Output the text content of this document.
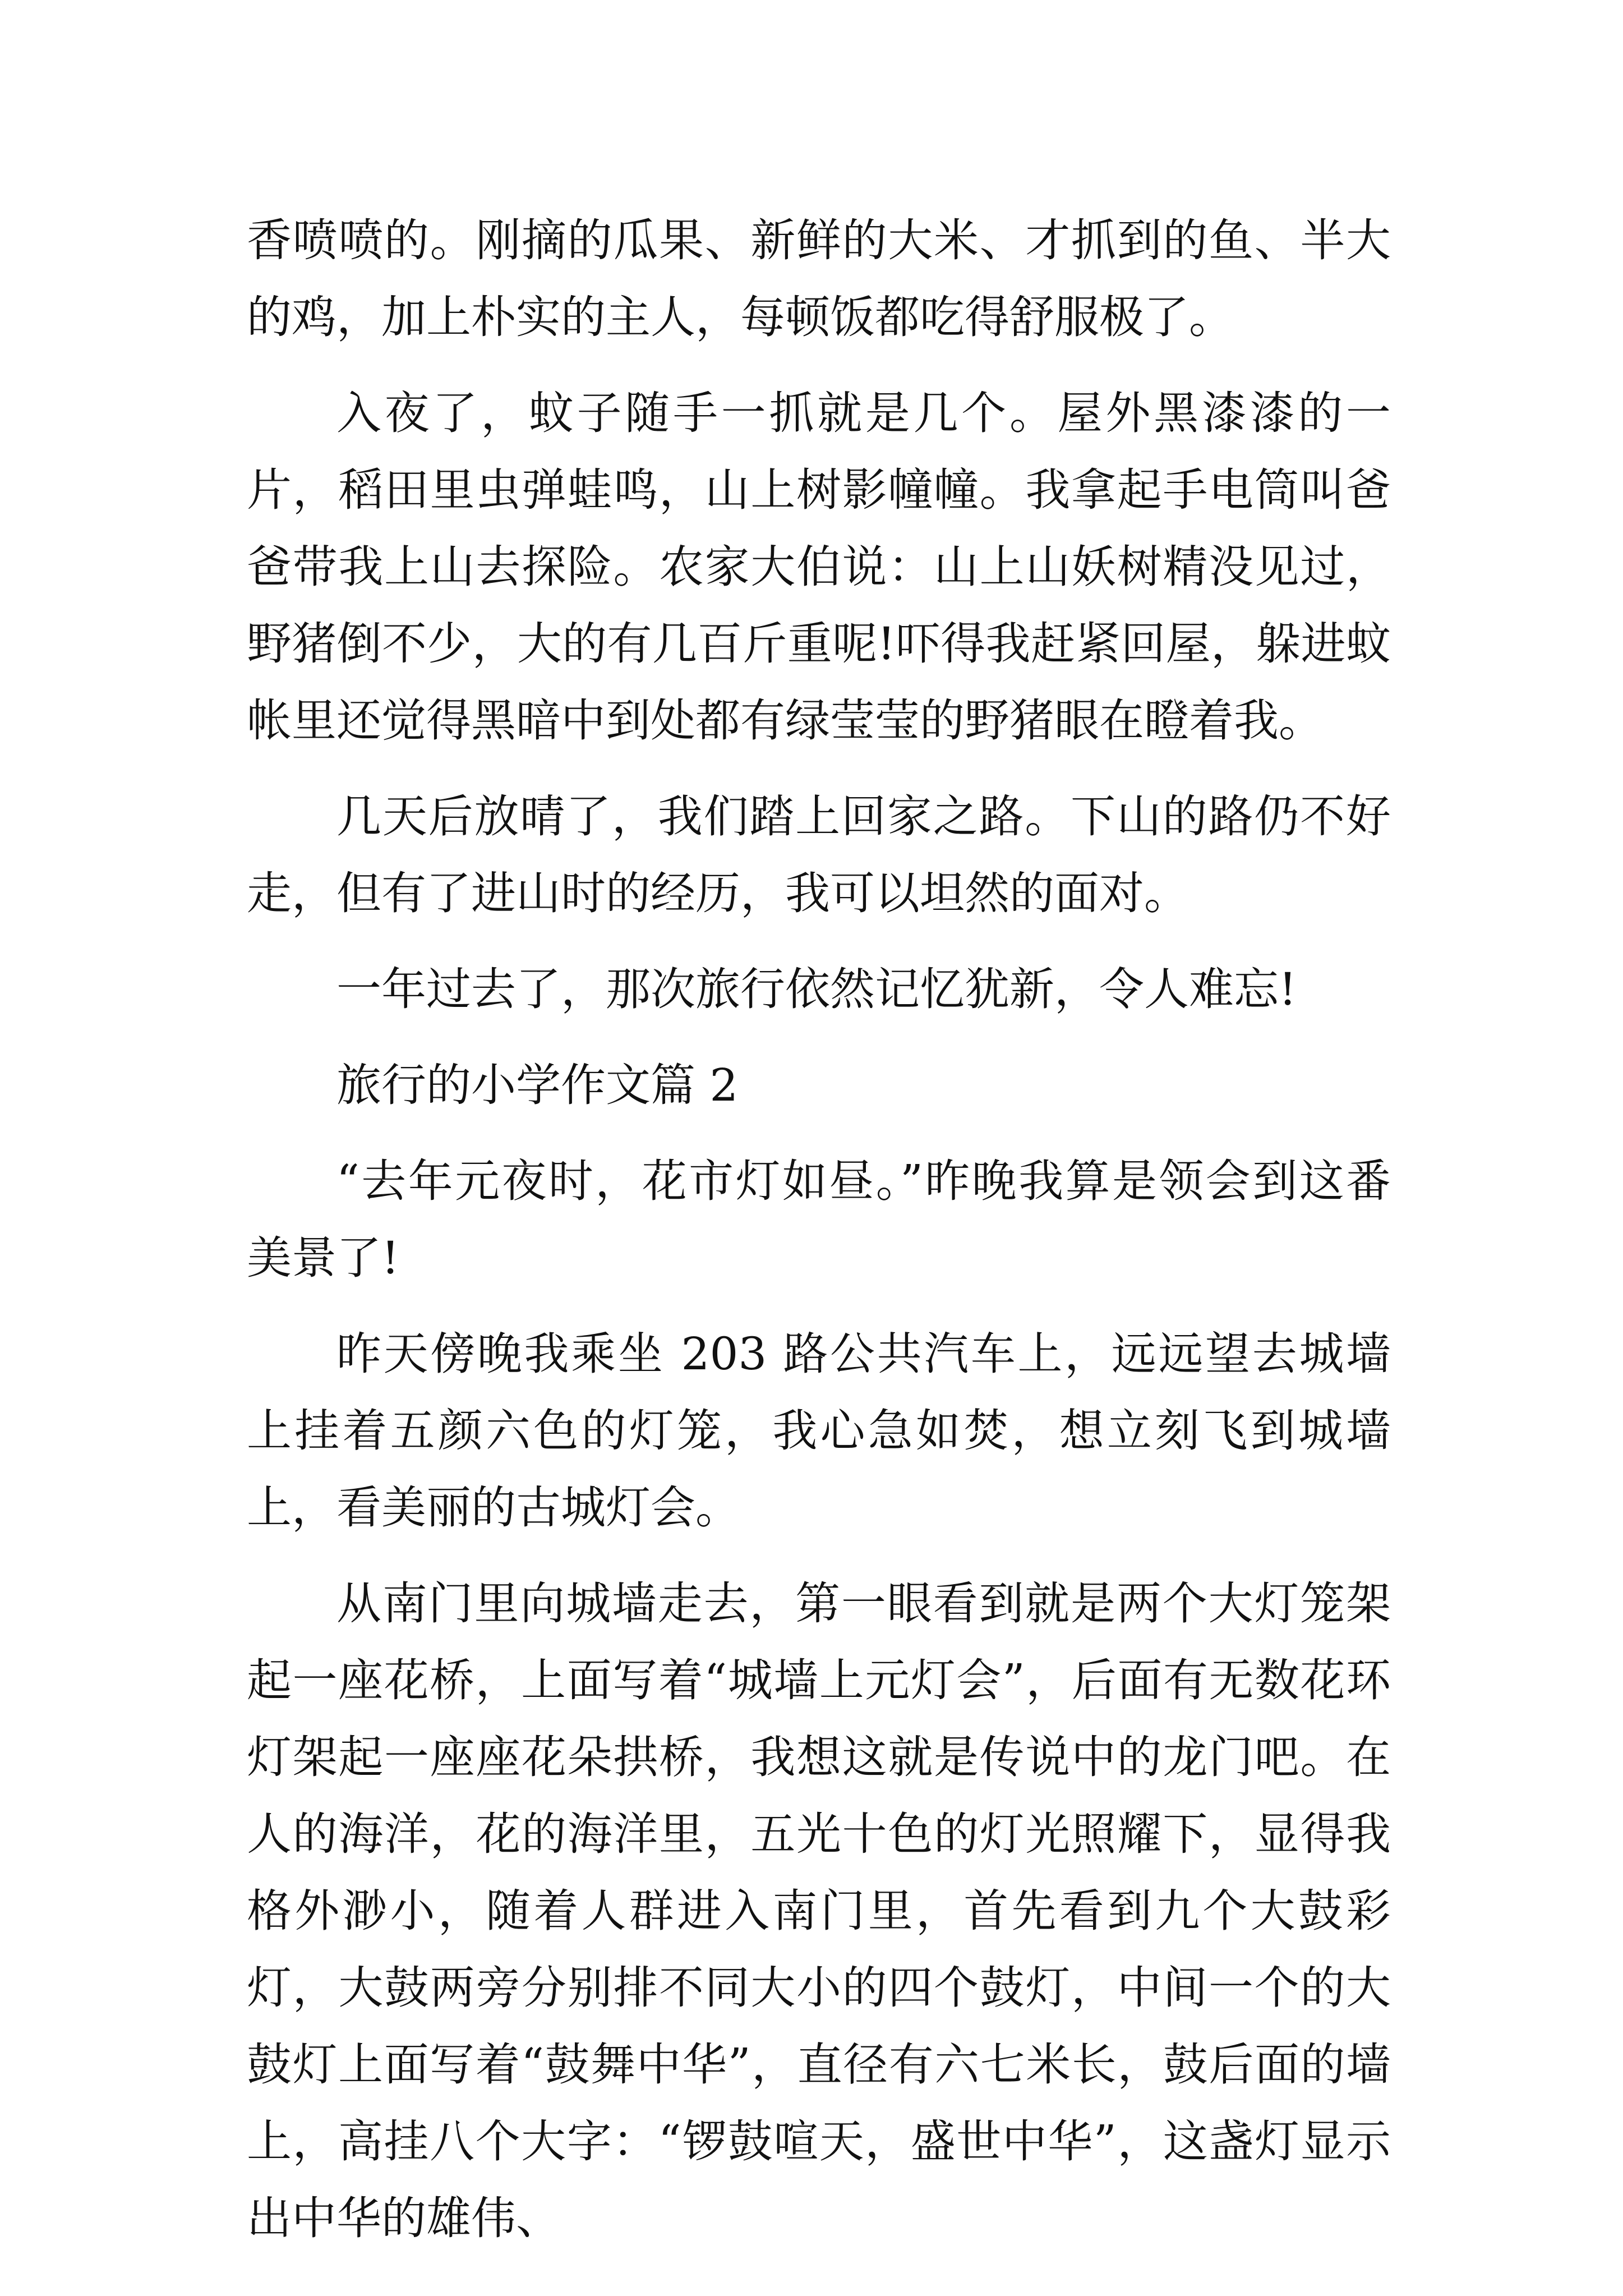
香喷喷的。刚摘的瓜果、新鲜的大米、才抓到的鱼、半大的鸡，加上朴实的主人，每顿饭都吃得舒服极了。

入夜了，蚊子随手一抓就是几个。屋外黑漆漆的一片，稻田里虫弹蛙鸣，山上树影幢幢。我拿起手电筒叫爸爸带我上山去探险。农家大伯说：山上山妖树精没见过，野猪倒不少，大的有几百斤重呢!吓得我赶紧回屋，躲进蚊帐里还觉得黑暗中到处都有绿莹莹的野猪眼在瞪着我。

几天后放晴了，我们踏上回家之路。下山的路仍不好走，但有了进山时的经历，我可以坦然的面对。

一年过去了，那次旅行依然记忆犹新，令人难忘!

旅行的小学作文篇 2

“去年元夜时，花市灯如昼。”昨晚我算是领会到这番美景了!

昨天傍晚我乘坐 203 路公共汽车上，远远望去城墙上挂着五颜六色的灯笼，我心急如焚，想立刻飞到城墙上，看美丽的古城灯会。

从南门里向城墙走去，第一眼看到就是两个大灯笼架起一座花桥，上面写着“城墙上元灯会”，后面有无数花环灯架起一座座花朵拱桥，我想这就是传说中的龙门吧。在人的海洋，花的海洋里，五光十色的灯光照耀下，显得我格外渺小，随着人群进入南门里，首先看到九个大鼓彩灯，大鼓两旁分别排不同大小的四个鼓灯，中间一个的大鼓灯上面写着“鼓舞中华”，直径有六七米长，鼓后面的墙上，高挂八个大字：“锣鼓喧天，盛世中华”，这盏灯显示出中华的雄伟、
